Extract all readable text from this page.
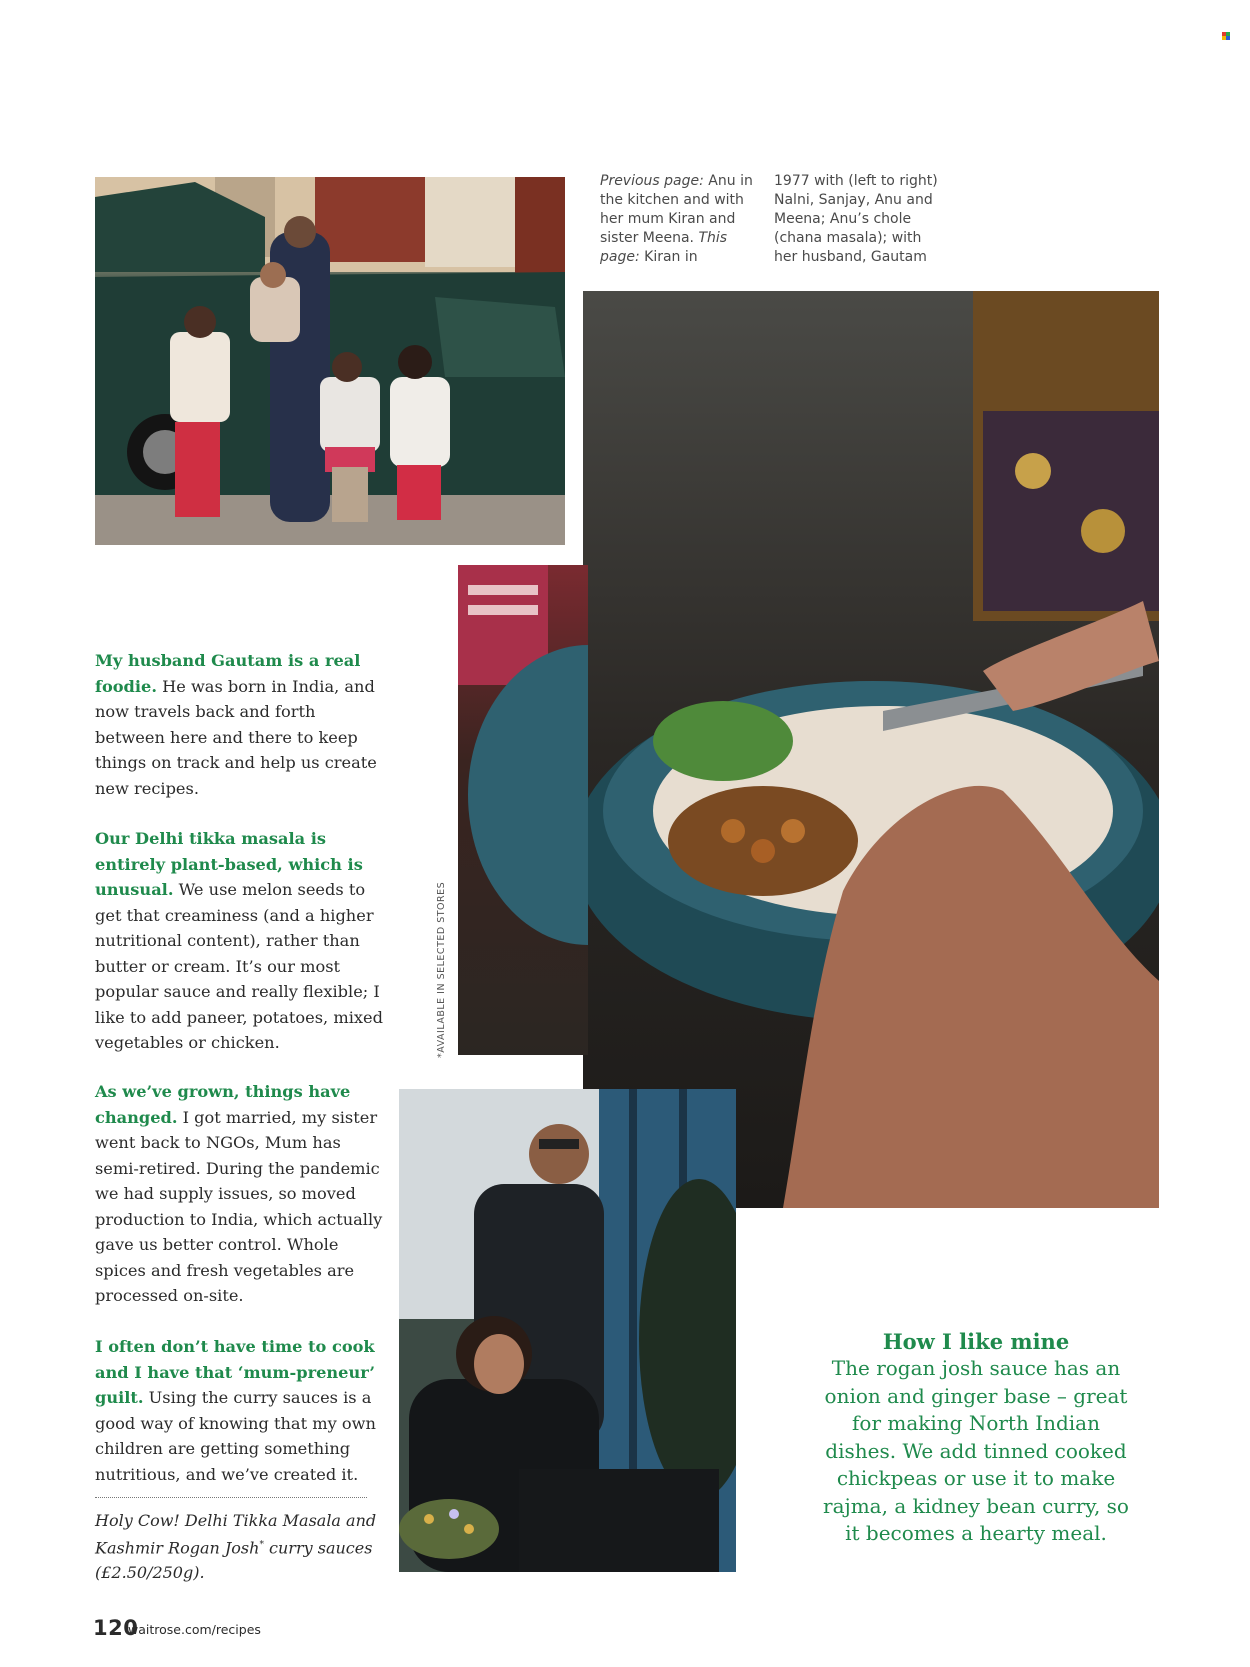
Previous page: Anu in the kitchen and with her mum Kiran and sister Meena. This page: Kiran in
1977 with (left to right) Nalni, Sanjay, Anu and Meena; Anu’s chole (chana masala); with her husband, Gautam
*AVAILABLE IN SELECTED STORES
My husband Gautam is a real foodie. He was born in India, and now travels back and forth between here and there to keep things on track and help us create new recipes.
Our Delhi tikka masala is entirely plant-based, which is unusual. We use melon seeds to get that creaminess (and a higher nutritional content), rather than butter or cream. It’s our most popular sauce and really flexible; I like to add paneer, potatoes, mixed vegetables or chicken.
As we’ve grown, things have changed. I got married, my sister went back to NGOs, Mum has semi-retired. During the pandemic we had supply issues, so moved production to India, which actually gave us better control. Whole spices and fresh vegetables are processed on-site.
I often don’t have time to cook and I have that ‘mum-preneur’ guilt. Using the curry sauces is a good way of knowing that my own children are getting something nutritious, and we’ve created it.
Holy Cow! Delhi Tikka Masala and Kashmir Rogan Josh* curry sauces (£2.50/250g).
How I like mine
The rogan josh sauce has an onion and ginger base – great for making North Indian dishes. We add tinned cooked chickpeas or use it to make rajma, a kidney bean curry, so it becomes a hearty meal.
120
waitrose.com/recipes
